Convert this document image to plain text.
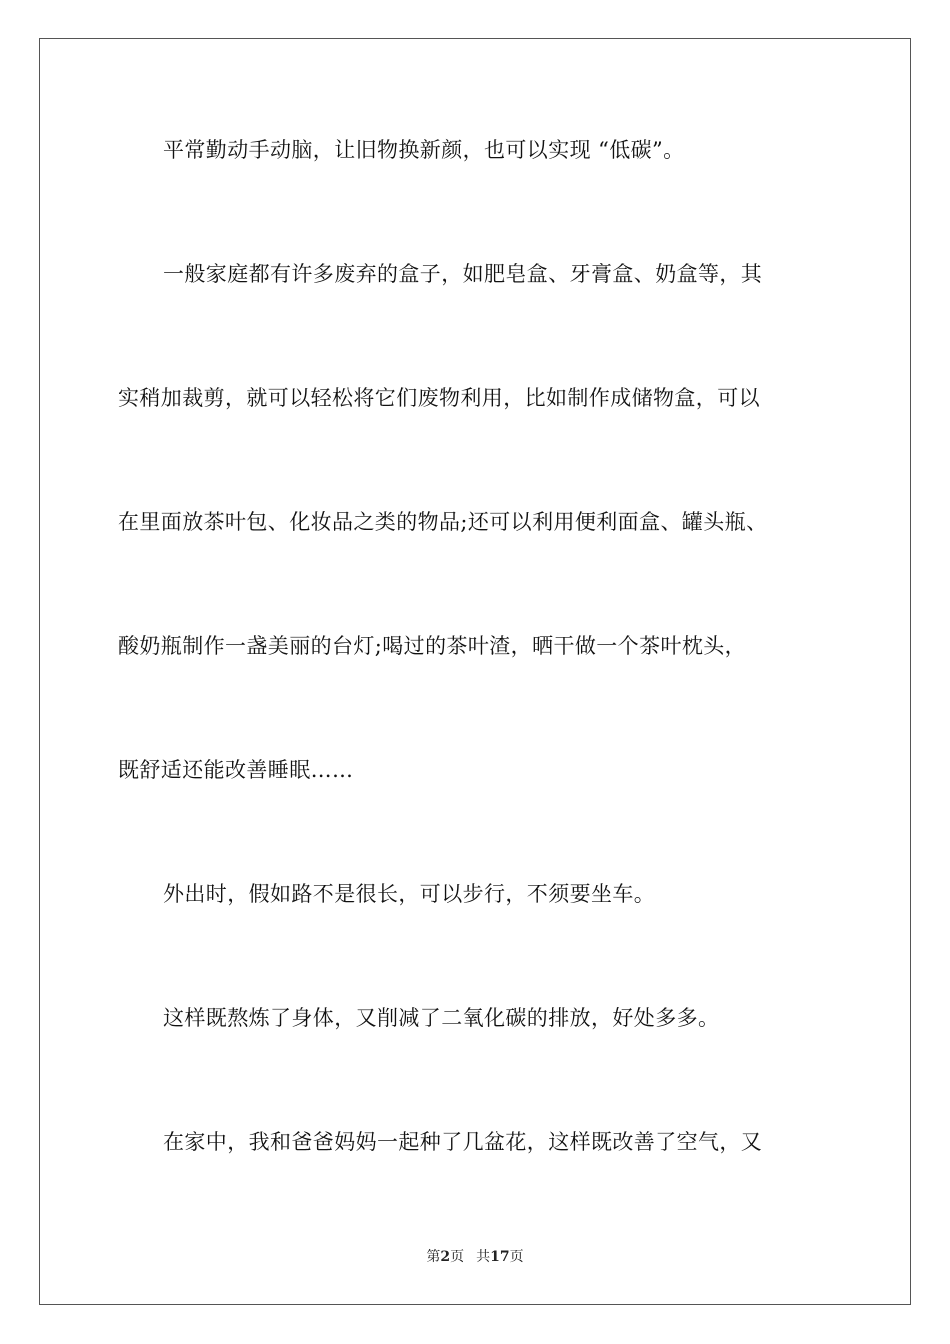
平常勤动手动脑，让旧物换新颜，也可以实现 “低碳”。
一般家庭都有许多废弃的盒子，如肥皂盒、牙膏盒、奶盒等，其
实稍加裁剪，就可以轻松将它们废物利用，比如制作成储物盒，可以
在里面放茶叶包、化妆品之类的物品;还可以利用便利面盒、罐头瓶、
酸奶瓶制作一盏美丽的台灯;喝过的茶叶渣，晒干做一个茶叶枕头，
既舒适还能改善睡眠……
外出时，假如路不是很长，可以步行，不须要坐车。
这样既熬炼了身体，又削减了二氧化碳的排放，好处多多。
在家中，我和爸爸妈妈一起种了几盆花，这样既改善了空气，又
第2页 共17页
